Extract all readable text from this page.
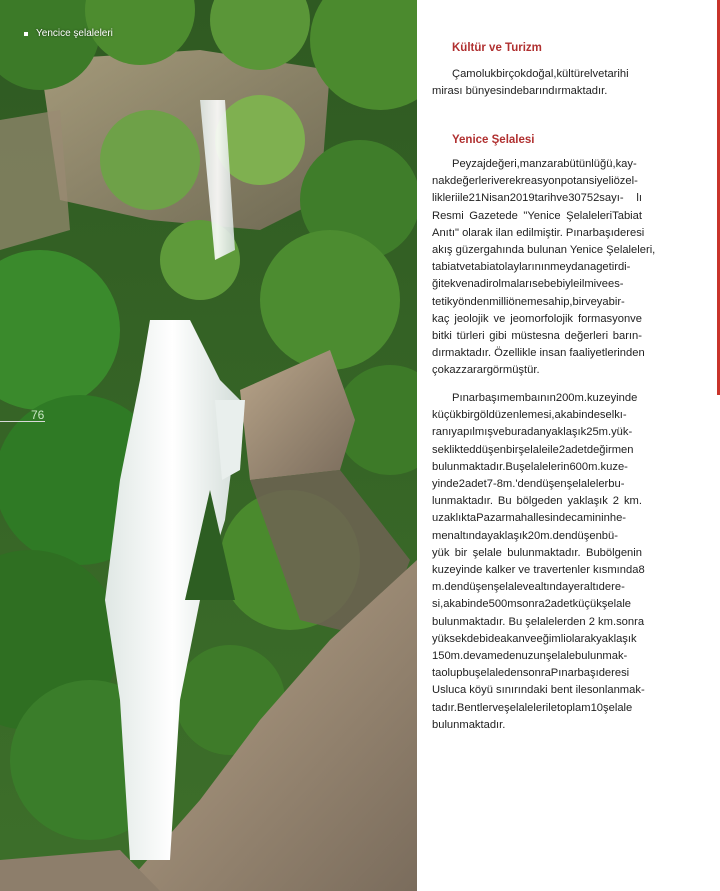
Yencice şelaleleri
76
Kültür ve Turizm

Çamolukbirçokdoğal,kültürelvetarihi
mirası bünyesindebarındırmaktadır.

Yenice Şelalesi

Peyzajdeğeri,manzarabütünlüğü,kay-
nakdeğerleriverekreasyonpotansiyeliözel-
likleriile21Nisan2019tarihve30752sayı- lı
Resmi Gazetede "Yenice ŞelaleleriTabiat
Anıtı" olarak ilan edilmiştir. Pınarbaşıderesi
akış güzergahında bulunan Yenice Şelaleleri,
tabiatvetabiatolaylarınınmeydanagetirdi-
ğitekvenadirolmalarısebebiyleilmivees-
tetikyöndenmilliönemesahip,birveyabir-
kaç jeolojik ve jeomorfolojik formasyonve
bitki türleri gibi müstesna değerleri barın-
dırmaktadır. Özellikle insan faaliyetlerinden
çokazzarargörmüştür.

Pınarbaşımembaının200m.kuzeyinde
küçükbirgöldüzenlemesi,akabindeselkı-
ranıyapılmışveburadanyaklaşık25m.yük-
seklikteddüşenbirşelaleile2adetdeğirmen
bulunmaktadır.Buşelalelerin600m.kuze-
yinde2adet7-8m.'dendüşenşelalelerbu-
lunmaktadır. Bu bölgeden yaklaşık 2 km.
uzaklıktaPazarmahallesindecamininhe-
menaltındayaklaşık20m.dendüşenbü-
yük bir şelale bulunmaktadır. Bubölgenin
kuzeyinde kalker ve travertenler kısmında8
m.dendüşenşelalevealtındayeraltıdere-
si,akabinde500msonra2adetküçükşelale
bulunmaktadır. Bu şelalelerden 2 km.sonra
yüksekdebideakanveeğimliolarakyaklaşık
150m.devamedenuzunşelalebulunmak-
taolupbuşelaledensonraPınarbaşıderesi
Usluca köyü sınırındaki bent ilesonlanmak-
tadır.Bentlerveşelaleleriletoplam10şelale
bulunmaktadır.
